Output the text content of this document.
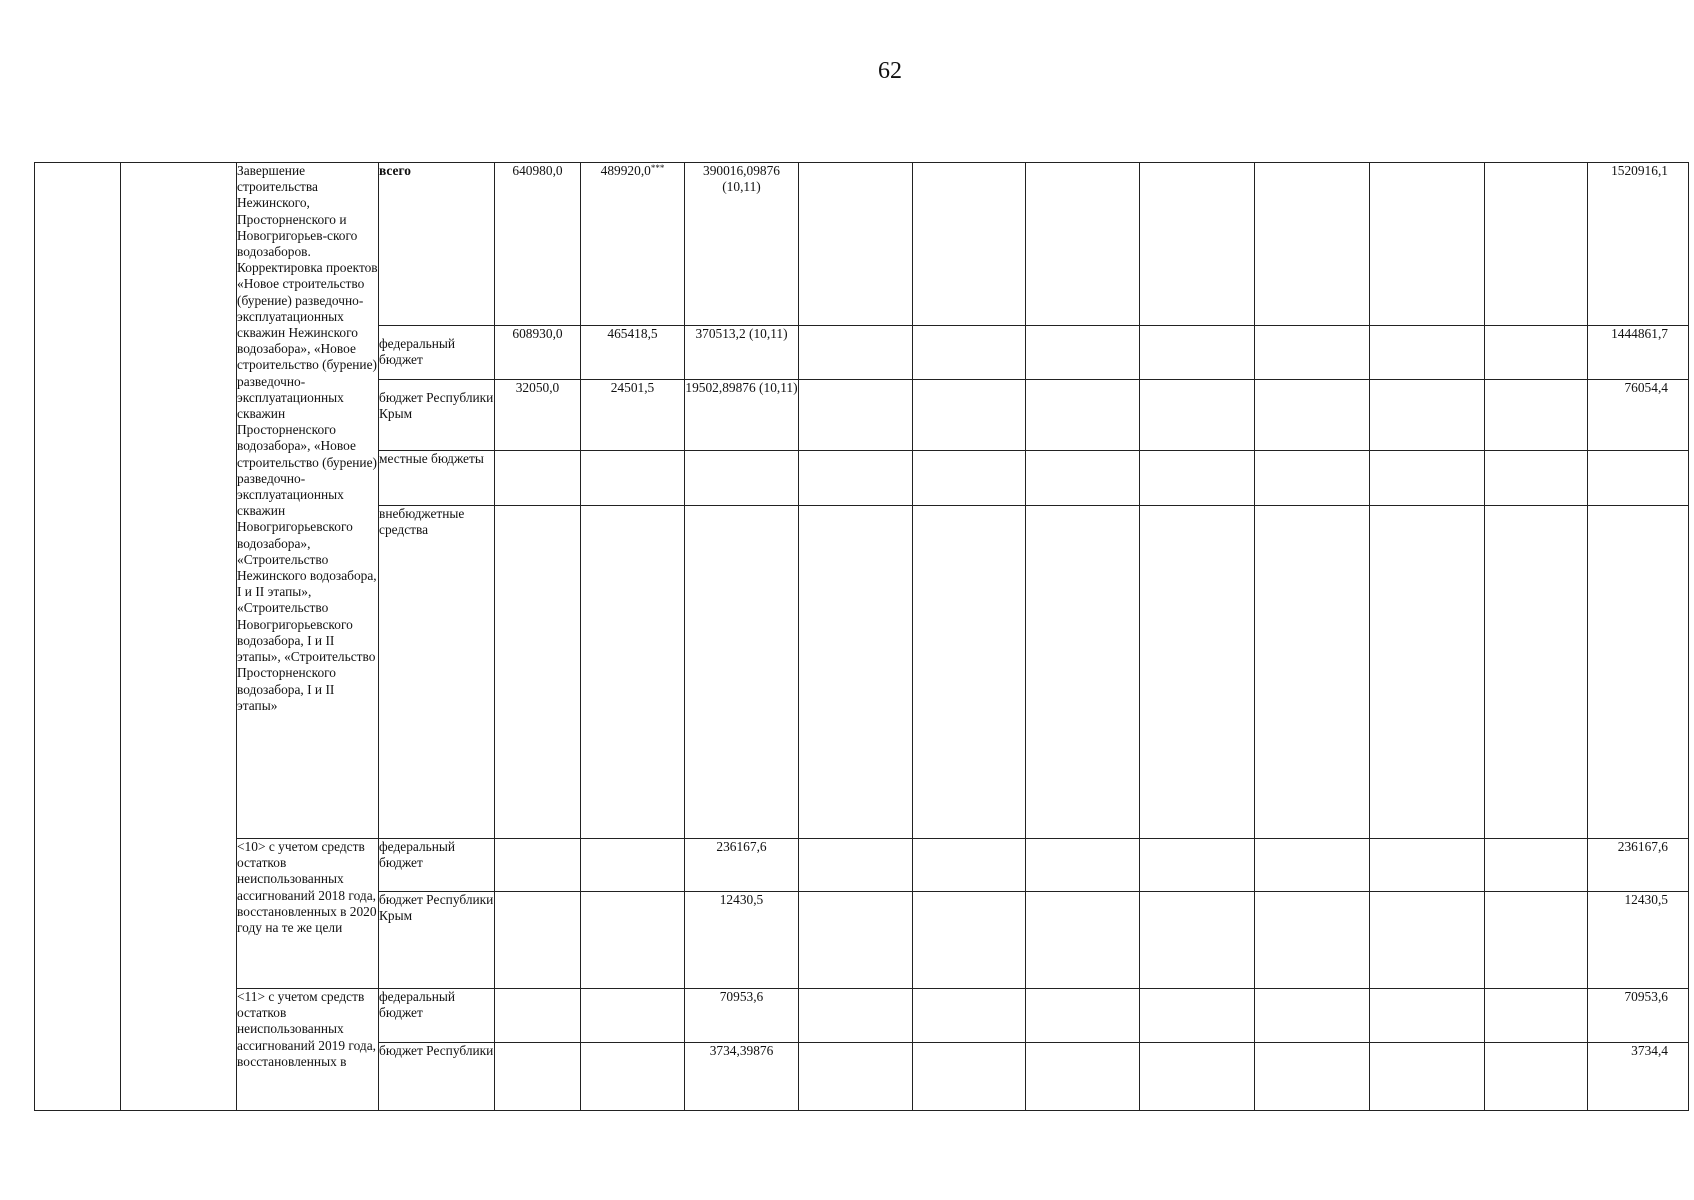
62
		Завершение строительства Нежинского, Просторненского и Новогригорьев-ского водозаборов. Корректировка проектов «Новое строительство (бурение) разведочно-эксплуатационных скважин Нежинского водозабора», «Новое строительство (бурение) разведочно-эксплуатационных скважин Просторненского водозабора», «Новое строительство (бурение) разведочно-эксплуатационных скважин Новогригорьевского водозабора», «Строительство Нежинского водозабора, I и II этапы», «Строительство Новогригорьевского водозабора, I и II этапы», «Строительство Просторненского водозабора, I и II этапы»	всего	640980,0	489920,0***	390016,09876 (10,11)								1520916,1
			федеральный бюджет	608930,0	465418,5	370513,2 (10,11)								1444861,7
			бюджет Республики Крым	32050,0	24501,5	19502,89876 (10,11)								76054,4
			местные бюджеты											
			внебюджетные средства											
		<10> с учетом средств остатков неиспользованных ассигнований 2018 года, восстановленных в 2020 году на те же цели	федеральный бюджет			236167,6								236167,6
			бюджет Республики Крым			12430,5								12430,5
		<11> с учетом средств остатков неиспользованных ассигнований 2019 года, восстановленных в	федеральный бюджет			70953,6								70953,6
			бюджет Республики			3734,39876								3734,4
